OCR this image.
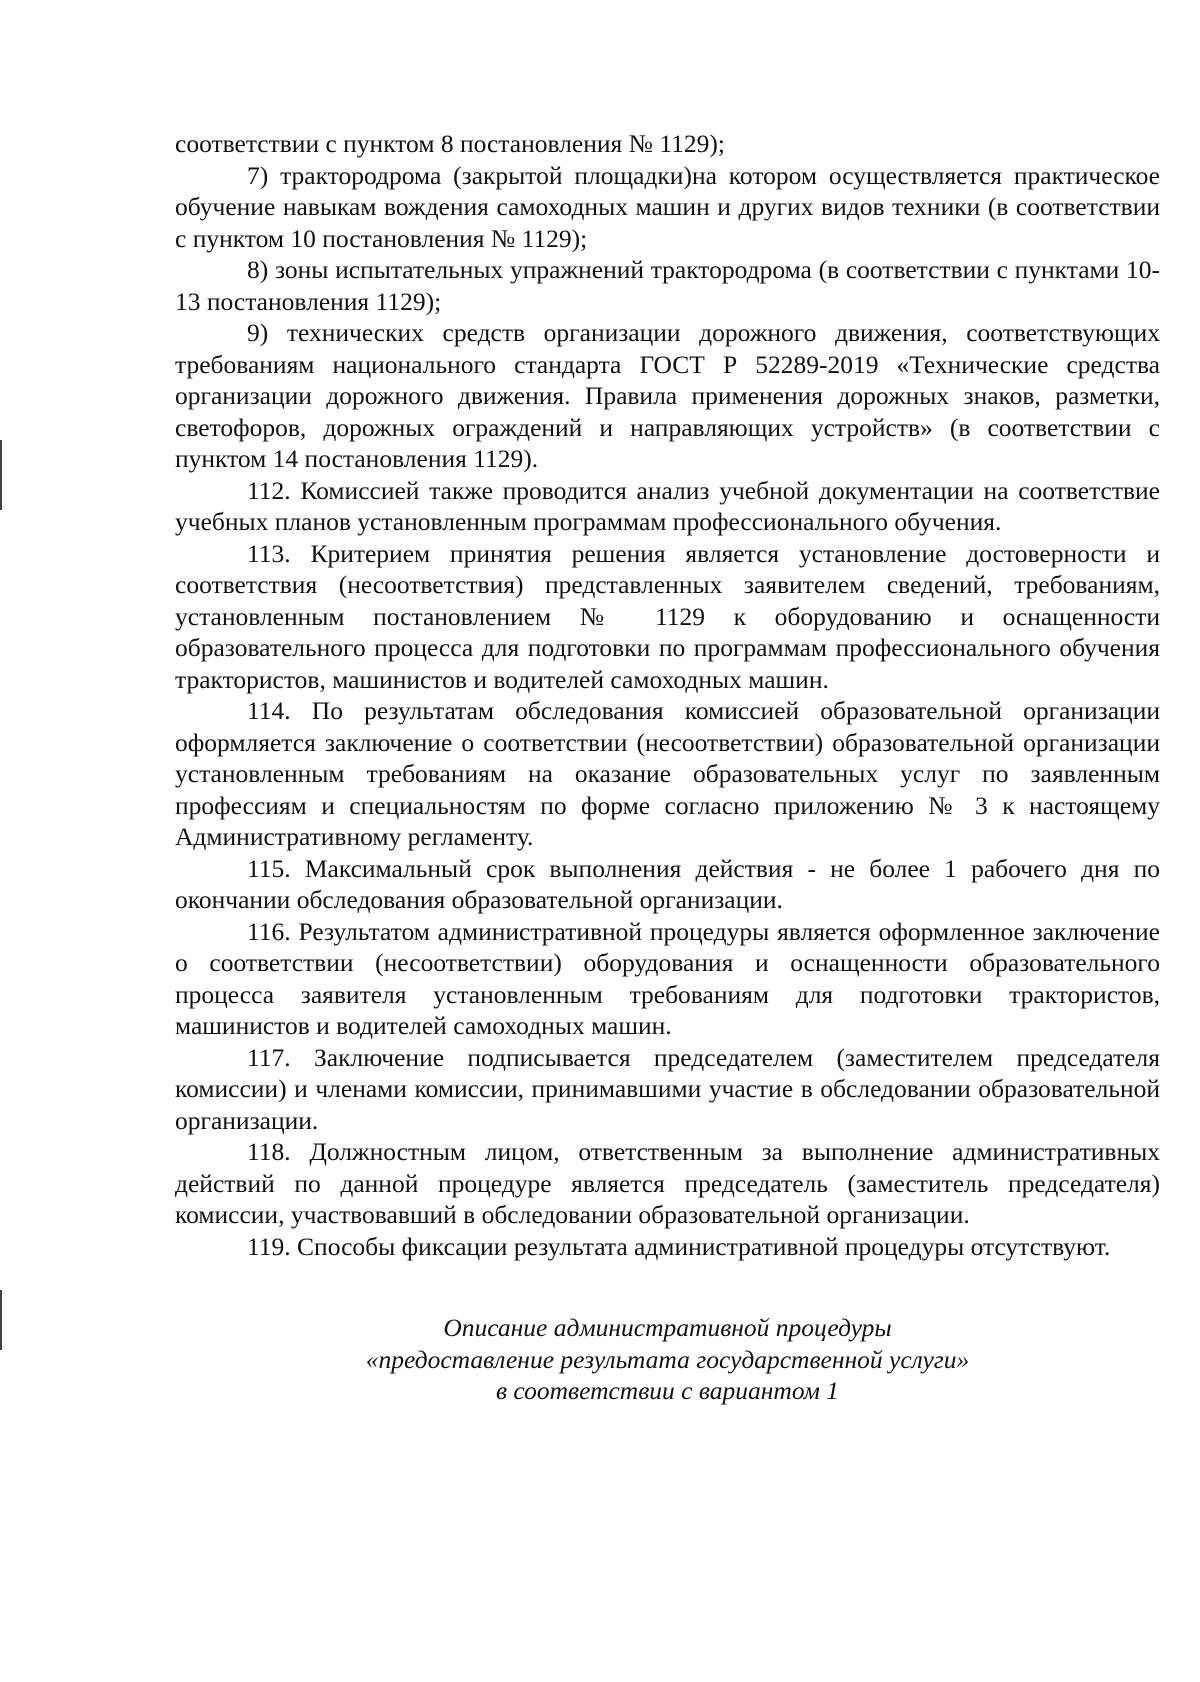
соответствии с пунктом 8 постановления № 1129);

7) трактородрома (закрытой площадки)на котором осуществляется практическое обучение навыкам вождения самоходных машин и других видов техники (в соответствии с пунктом 10 постановления № 1129);

8) зоны испытательных упражнений трактородрома (в соответствии с пунктами 10-13 постановления 1129);

9) технических средств организации дорожного движения, соответствующих требованиям национального стандарта ГОСТ Р 52289-2019 «Технические средства организации дорожного движения. Правила применения дорожных знаков, разметки, светофоров, дорожных ограждений и направляющих устройств» (в соответствии с пунктом 14 постановления 1129).

112. Комиссией также проводится анализ учебной документации на соответствие учебных планов установленным программам профессионального обучения.

113. Критерием принятия решения является установление достоверности и соответствия (несоответствия) представленных заявителем сведений, требованиям, установленным постановлением № 1129 к оборудованию и оснащенности образовательного процесса для подготовки по программам профессионального обучения трактористов, машинистов и водителей самоходных машин.

114. По результатам обследования комиссией образовательной организации оформляется заключение о соответствии (несоответствии) образовательной организации установленным требованиям на оказание образовательных услуг по заявленным профессиям и специальностям по форме согласно приложению № 3 к настоящему Административному регламенту.

115. Максимальный срок выполнения действия - не более 1 рабочего дня по окончании обследования образовательной организации.

116. Результатом административной процедуры является оформленное заключение о соответствии (несоответствии) оборудования и оснащенности образовательного процесса заявителя установленным требованиям для подготовки трактористов, машинистов и водителей самоходных машин.

117. Заключение подписывается председателем (заместителем председателя комиссии) и членами комиссии, принимавшими участие в обследовании образовательной организации.

118. Должностным лицом, ответственным за выполнение административных действий по данной процедуре является председатель (заместитель председателя) комиссии, участвовавший в обследовании образовательной организации.

119. Способы фиксации результата административной процедуры отсутствуют.

Описание административной процедуры
«предоставление результата государственной услуги»
в соответствии с вариантом 1
